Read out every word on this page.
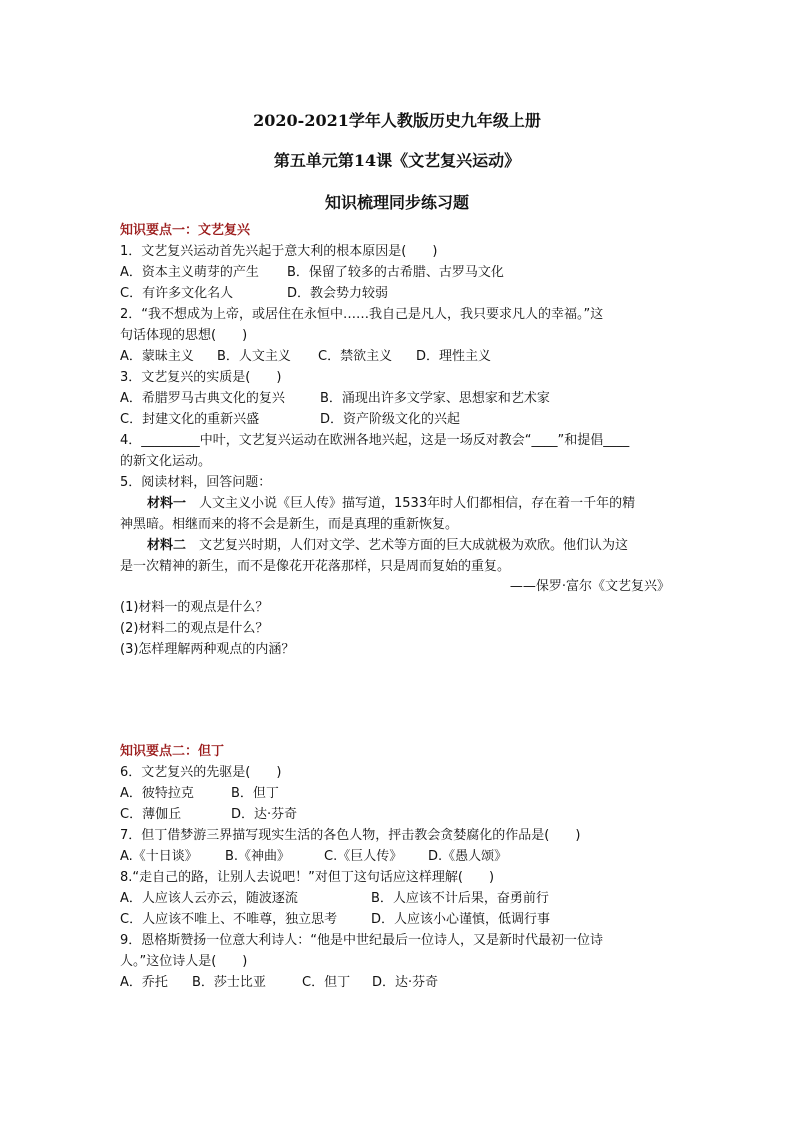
2020-2021学年人教版历史九年级上册
第五单元第14课《文艺复兴运动》
知识梳理同步练习题
知识要点一：文艺复兴
1．文艺复兴运动首先兴起于意大利的根本原因是(　　)
A．资本主义萌芽的产生 B．保留了较多的古希腊、古罗马文化
C．有许多文化名人	D．教会势力较弱
2．“我不想成为上帝，或居住在永恒中……我自己是凡人，我只要求凡人的幸福。”这
句话体现的思想(　　)
A．蒙昧主义 B．人文主义 C．禁欲主义 D．理性主义
3．文艺复兴的实质是(　　)
A．希腊罗马古典文化的复兴	B．涌现出许多文学家、思想家和艺术家
C．封建文化的重新兴盛	D．资产阶级文化的兴起
4．_________中叶，文艺复兴运动在欧洲各地兴起，这是一场反对教会“____”和提倡____
的新文化运动。
5．阅读材料，回答问题：
材料一　人文主义小说《巨人传》描写道，1533年时人们都相信，存在着一千年的精
神黑暗。相继而来的将不会是新生，而是真理的重新恢复。
材料二　文艺复兴时期，人们对文学、艺术等方面的巨大成就极为欢欣。他们认为这
是一次精神的新生，而不是像花开花落那样，只是周而复始的重复。
——保罗·富尔《文艺复兴》
(1)材料一的观点是什么？
(2)材料二的观点是什么？
(3)怎样理解两种观点的内涵？
知识要点二：但丁
6．文艺复兴的先驱是(　　)
A．彼特拉克	B．但丁
C．薄伽丘	D．达·芬奇
7．但丁借梦游三界描写现实生活的各色人物，抨击教会贪婪腐化的作品是(　　)
A.《十日谈》 B.《神曲》	C.《巨人传》 D.《愚人颂》
8.“走自己的路，让别人去说吧！”对但丁这句话应这样理解(　　)
A．人应该人云亦云，随波逐流	B．人应该不计后果，奋勇前行
C．人应该不唯上、不唯尊，独立思考	D．人应该小心谨慎，低调行事
9．恩格斯赞扬一位意大利诗人：“他是中世纪最后一位诗人，又是新时代最初一位诗
人。”这位诗人是(　　)
A．乔托 B．莎士比亚	C．但丁 D．达·芬奇
